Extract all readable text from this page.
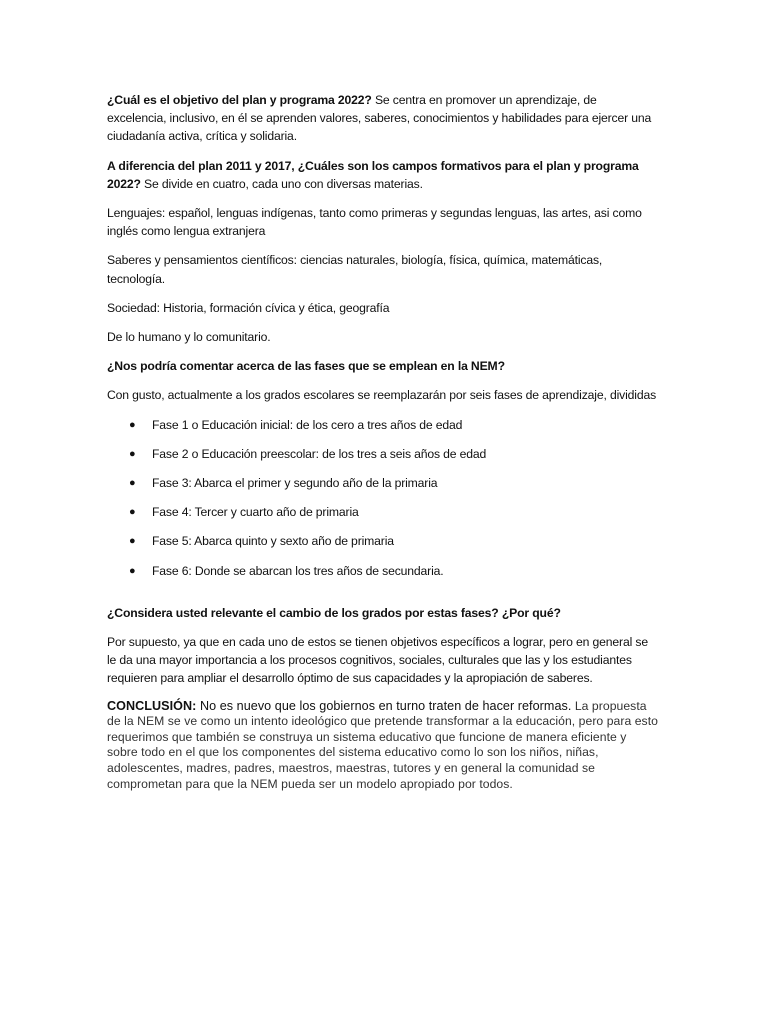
¿Cuál es el objetivo del plan y programa 2022? Se centra en promover un aprendizaje, de excelencia, inclusivo, en él se aprenden valores, saberes, conocimientos y habilidades para ejercer una ciudadanía activa, crítica y solidaria.

A diferencia del plan 2011 y 2017, ¿Cuáles son los campos formativos para el plan y programa 2022? Se divide en cuatro, cada uno con diversas materias.

Lenguajes: español, lenguas indígenas, tanto como primeras y segundas lenguas, las artes, asi como inglés como lengua extranjera

Saberes y pensamientos científicos: ciencias naturales, biología, física, química, matemáticas, tecnología.

Sociedad: Historia, formación cívica y ética, geografía

De lo humano y lo comunitario.

¿Nos podría comentar acerca de las fases que se emplean en la NEM?

Con gusto, actualmente a los grados escolares se reemplazarán por seis fases de aprendizaje, divididas

● Fase 1 o Educación inicial: de los cero a tres años de edad
● Fase 2 o Educación preescolar: de los tres a seis años de edad
● Fase 3: Abarca el primer y segundo año de la primaria
● Fase 4: Tercer y cuarto año de primaria
● Fase 5: Abarca quinto y sexto año de primaria
● Fase 6: Donde se abarcan los tres años de secundaria.

¿Considera usted relevante el cambio de los grados por estas fases? ¿Por qué?

Por supuesto, ya que en cada uno de estos se tienen objetivos específicos a lograr, pero en general se le da una mayor importancia a los procesos cognitivos, sociales, culturales que las y los estudiantes requieren para ampliar el desarrollo óptimo de sus capacidades y la apropiación de saberes.

CONCLUSIÓN: No es nuevo que los gobiernos en turno traten de hacer reformas. La propuesta de la NEM se ve como un intento ideológico que pretende transformar a la educación, pero para esto requerimos que también se construya un sistema educativo que funcione de manera eficiente y sobre todo en el que los componentes del sistema educativo como lo son los niños, niñas, adolescentes, madres, padres, maestros, maestras, tutores y en general la comunidad se comprometan para que la NEM pueda ser un modelo apropiado por todos.
